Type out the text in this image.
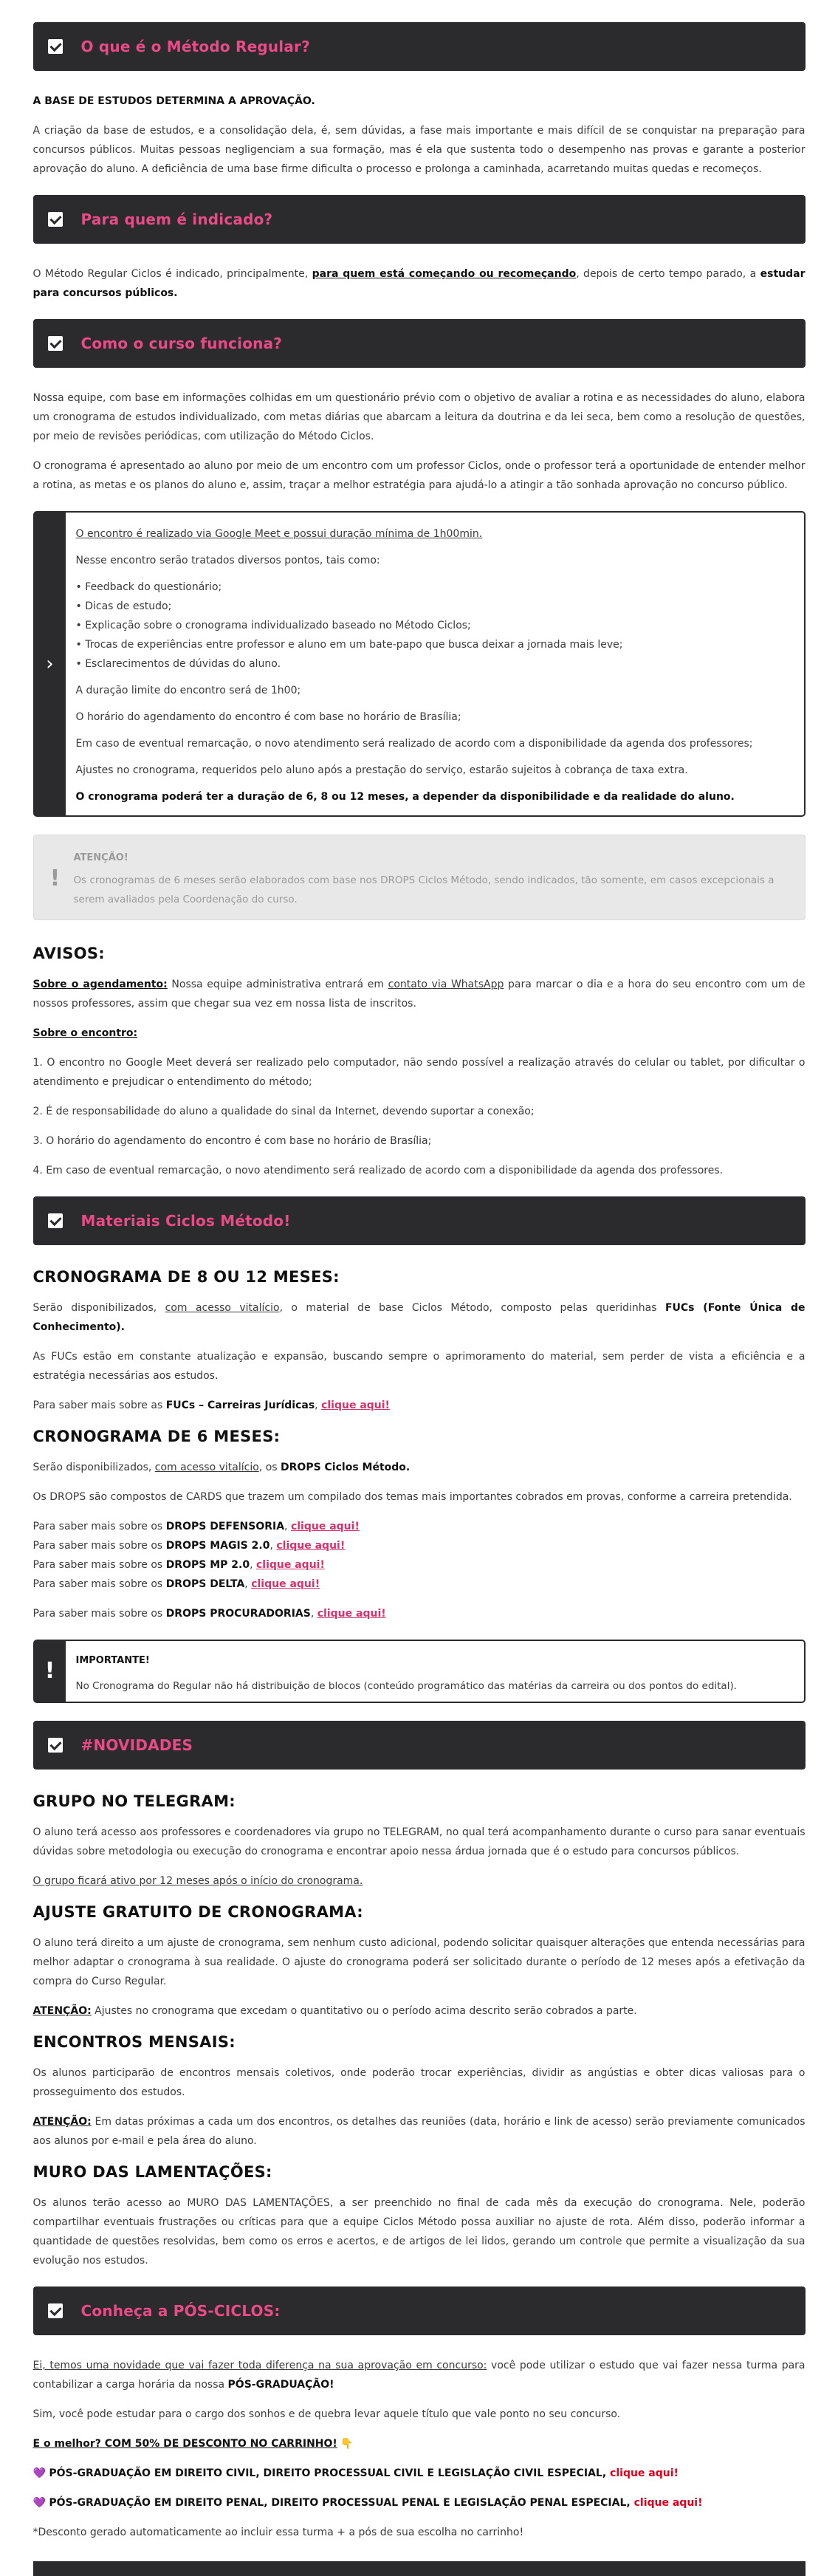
O que é o Método Regular?

A BASE DE ESTUDOS DETERMINA A APROVAÇÃO.

A criação da base de estudos, e a consolidação dela, é, sem dúvidas, a fase mais importante e mais difícil de se conquistar na preparação para concursos públicos. Muitas pessoas negligenciam a sua formação, mas é ela que sustenta todo o desempenho nas provas e garante a posterior aprovação do aluno. A deficiência de uma base firme dificulta o processo e prolonga a caminhada, acarretando muitas quedas e recomeços.

Para quem é indicado?

O Método Regular Ciclos é indicado, principalmente, para quem está começando ou recomeçando, depois de certo tempo parado, a estudar para concursos públicos.

Como o curso funciona?

Nossa equipe, com base em informações colhidas em um questionário prévio com o objetivo de avaliar a rotina e as necessidades do aluno, elabora um cronograma de estudos individualizado, com metas diárias que abarcam a leitura da doutrina e da lei seca, bem como a resolução de questões, por meio de revisões periódicas, com utilização do Método Ciclos.

O cronograma é apresentado ao aluno por meio de um encontro com um professor Ciclos, onde o professor terá a oportunidade de entender melhor a rotina, as metas e os planos do aluno e, assim, traçar a melhor estratégia para ajudá-lo a atingir a tão sonhada aprovação no concurso público.

›

O encontro é realizado via Google Meet e possui duração mínima de 1h00min.

Nesse encontro serão tratados diversos pontos, tais como:

• Feedback do questionário;

• Dicas de estudo;

• Explicação sobre o cronograma individualizado baseado no Método Ciclos;

• Trocas de experiências entre professor e aluno em um bate-papo que busca deixar a jornada mais leve;

• Esclarecimentos de dúvidas do aluno.

A duração limite do encontro será de 1h00;

O horário do agendamento do encontro é com base no horário de Brasília;

Em caso de eventual remarcação, o novo atendimento será realizado de acordo com a disponibilidade da agenda dos professores;

Ajustes no cronograma, requeridos pelo aluno após a prestação do serviço, estarão sujeitos à cobrança de taxa extra.

O cronograma poderá ter a duração de 6, 8 ou 12 meses, a depender da disponibilidade e da realidade do aluno.

!
ATENÇÃO!
Os cronogramas de 6 meses serão elaborados com base nos DROPS Ciclos Método, sendo indicados, tão somente, em casos excepcionais a serem avaliados pela Coordenação do curso.
AVISOS:

Sobre o agendamento: Nossa equipe administrativa entrará em contato via WhatsApp para marcar o dia e a hora do seu encontro com um de nossos professores, assim que chegar sua vez em nossa lista de inscritos.

Sobre o encontro:

1. O encontro no Google Meet deverá ser realizado pelo computador, não sendo possível a realização através do celular ou tablet, por dificultar o atendimento e prejudicar o entendimento do método;

2. É de responsabilidade do aluno a qualidade do sinal da Internet, devendo suportar a conexão;

3. O horário do agendamento do encontro é com base no horário de Brasília;

4. Em caso de eventual remarcação, o novo atendimento será realizado de acordo com a disponibilidade da agenda dos professores.

Materiais Ciclos Método!
CRONOGRAMA DE 8 OU 12 MESES:

Serão disponibilizados, com acesso vitalício, o material de base Ciclos Método, composto pelas queridinhas FUCs (Fonte Única de Conhecimento).

As FUCs estão em constante atualização e expansão, buscando sempre o aprimoramento do material, sem perder de vista a eficiência e a estratégia necessárias aos estudos.

Para saber mais sobre as FUCs – Carreiras Jurídicas, clique aqui!

CRONOGRAMA DE 6 MESES:

Serão disponibilizados, com acesso vitalício, os DROPS Ciclos Método.

Os DROPS são compostos de CARDS que trazem um compilado dos temas mais importantes cobrados em provas, conforme a carreira pretendida.

Para saber mais sobre os DROPS DEFENSORIA, clique aqui!

Para saber mais sobre os DROPS MAGIS 2.0, clique aqui!

Para saber mais sobre os DROPS MP 2.0, clique aqui!

Para saber mais sobre os DROPS DELTA, clique aqui!

Para saber mais sobre os DROPS PROCURADORIAS, clique aqui!

!	IMPORTANTE!
No Cronograma do Regular não há distribuição de blocos (conteúdo programático das matérias da carreira ou dos pontos do edital).
#NOVIDADES
GRUPO NO TELEGRAM:

O aluno terá acesso aos professores e coordenadores via grupo no TELEGRAM, no qual terá acompanhamento durante o curso para sanar eventuais dúvidas sobre metodologia ou execução do cronograma e encontrar apoio nessa árdua jornada que é o estudo para concursos públicos.

O grupo ficará ativo por 12 meses após o início do cronograma.

AJUSTE GRATUITO DE CRONOGRAMA:

O aluno terá direito a um ajuste de cronograma, sem nenhum custo adicional, podendo solicitar quaisquer alterações que entenda necessárias para melhor adaptar o cronograma à sua realidade. O ajuste do cronograma poderá ser solicitado durante o período de 12 meses após a efetivação da compra do Curso Regular.

ATENÇÃO: Ajustes no cronograma que excedam o quantitativo ou o período acima descrito serão cobrados a parte.

ENCONTROS MENSAIS:

Os alunos participarão de encontros mensais coletivos, onde poderão trocar experiências, dividir as angústias e obter dicas valiosas para o prosseguimento dos estudos.

ATENÇÃO: Em datas próximas a cada um dos encontros, os detalhes das reuniões (data, horário e link de acesso) serão previamente comunicados aos alunos por e-mail e pela área do aluno.

MURO DAS LAMENTAÇÕES:

Os alunos terão acesso ao MURO DAS LAMENTAÇÕES, a ser preenchido no final de cada mês da execução do cronograma. Nele, poderão compartilhar eventuais frustrações ou críticas para que a equipe Ciclos Método possa auxiliar no ajuste de rota. Além disso, poderão informar a quantidade de questões resolvidas, bem como os erros e acertos, e de artigos de lei lidos, gerando um controle que permite a visualização da sua evolução nos estudos.

Conheça a PÓS-CICLOS:

Ei, temos uma novidade que vai fazer toda diferença na sua aprovação em concurso: você pode utilizar o estudo que vai fazer nessa turma para contabilizar a carga horária da nossa PÓS-GRADUAÇÃO!

Sim, você pode estudar para o cargo dos sonhos e de quebra levar aquele título que vale ponto no seu concurso.

E o melhor? COM 50% DE DESCONTO NO CARRINHO! 👇

💜 PÓS-GRADUAÇÃO EM DIREITO CIVIL, DIREITO PROCESSUAL CIVIL E LEGISLAÇÃO CIVIL ESPECIAL, clique aqui!

💜 PÓS-GRADUAÇÃO EM DIREITO PENAL, DIREITO PROCESSUAL PENAL E LEGISLAÇÃO PENAL ESPECIAL, clique aqui!

*Desconto gerado automaticamente ao incluir essa turma + a pós de sua escolha no carrinho!
